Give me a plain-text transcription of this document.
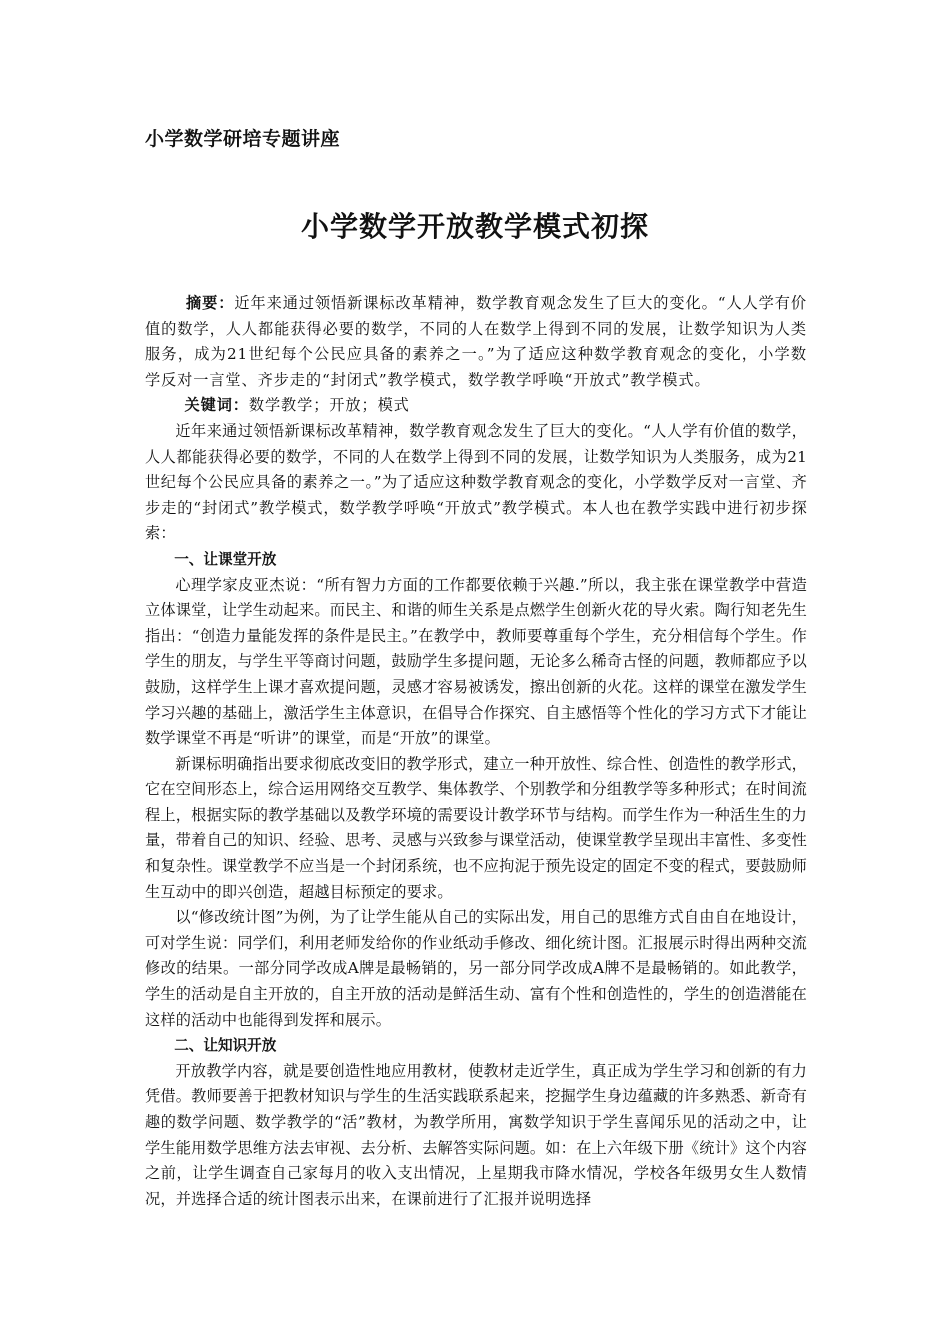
小学数学研培专题讲座
小学数学开放教学模式初探

摘要：近年来通过领悟新课标改革精神，数学教育观念发生了巨大的变化。“人人学有价值的数学，人人都能获得必要的数学，不同的人在数学上得到不同的发展，让数学知识为人类服务，成为21世纪每个公民应具备的素养之一。”为了适应这种数学教育观念的变化，小学数学反对一言堂、齐步走的“封闭式”教学模式，数学教学呼唤“开放式”教学模式。

关键词：数学教学；开放；模式

近年来通过领悟新课标改革精神，数学教育观念发生了巨大的变化。“人人学有价值的数学，人人都能获得必要的数学，不同的人在数学上得到不同的发展，让数学知识为人类服务，成为21世纪每个公民应具备的素养之一。”为了适应这种数学教育观念的变化，小学数学反对一言堂、齐步走的“封闭式”教学模式，数学教学呼唤“开放式”教学模式。本人也在教学实践中进行初步探索：

一、让课堂开放

心理学家皮亚杰说：“所有智力方面的工作都要依赖于兴趣.”所以，我主张在课堂教学中营造立体课堂，让学生动起来。而民主、和谐的师生关系是点燃学生创新火花的导火索。陶行知老先生指出：“创造力量能发挥的条件是民主。”在教学中，教师要尊重每个学生，充分相信每个学生。作学生的朋友，与学生平等商讨问题，鼓励学生多提问题，无论多么稀奇古怪的问题，教师都应予以鼓励，这样学生上课才喜欢提问题，灵感才容易被诱发，擦出创新的火花。这样的课堂在激发学生学习兴趣的基础上，激活学生主体意识，在倡导合作探究、自主感悟等个性化的学习方式下才能让数学课堂不再是“听讲”的课堂，而是“开放”的课堂。

新课标明确指出要求彻底改变旧的教学形式，建立一种开放性、综合性、创造性的教学形式，它在空间形态上，综合运用网络交互教学、集体教学、个别教学和分组教学等多种形式；在时间流程上，根据实际的教学基础以及教学环境的需要设计教学环节与结构。而学生作为一种活生生的力量，带着自己的知识、经验、思考、灵感与兴致参与课堂活动，使课堂教学呈现出丰富性、多变性和复杂性。课堂教学不应当是一个封闭系统，也不应拘泥于预先设定的固定不变的程式，要鼓励师生互动中的即兴创造，超越目标预定的要求。

以“修改统计图”为例，为了让学生能从自己的实际出发，用自己的思维方式自由自在地设计，可对学生说：同学们，利用老师发给你的作业纸动手修改、细化统计图。汇报展示时得出两种交流修改的结果。一部分同学改成A牌是最畅销的，另一部分同学改成A牌不是最畅销的。如此教学，学生的活动是自主开放的，自主开放的活动是鲜活生动、富有个性和创造性的，学生的创造潜能在这样的活动中也能得到发挥和展示。

二、让知识开放

开放教学内容，就是要创造性地应用教材，使教材走近学生，真正成为学生学习和创新的有力凭借。教师要善于把教材知识与学生的生活实践联系起来，挖掘学生身边蕴藏的许多熟悉、新奇有趣的数学问题、数学教学的“活”教材，为教学所用，寓数学知识于学生喜闻乐见的活动之中，让学生能用数学思维方法去审视、去分析、去解答实际问题。如：在上六年级下册《统计》这个内容之前，让学生调查自己家每月的收入支出情况，上星期我市降水情况，学校各年级男女生人数情况，并选择合适的统计图表示出来，在课前进行了汇报并说明选择
